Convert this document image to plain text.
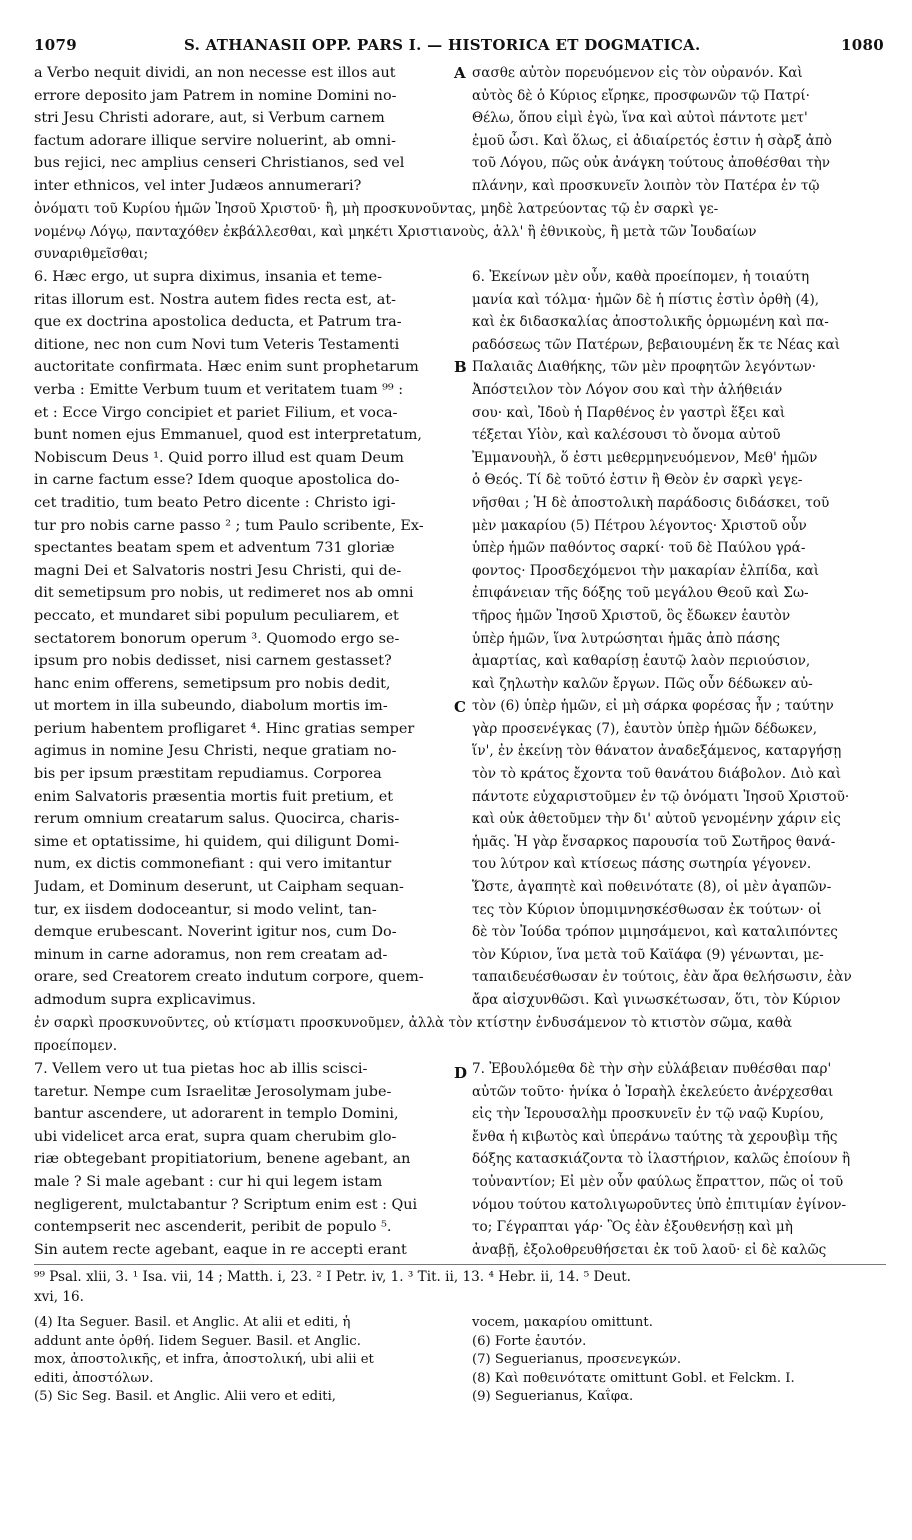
1079	S. ATHANASII OPP. PARS I. — HISTORICA ET DOGMATICA.	1080
a Verbo nequit dividi, an non necesse est illos aut
errore deposito jam Patrem in nomine Domini no-
stri Jesu Christi adorare, aut, si Verbum carnem
factum adorare illique servire noluerint, ab omni-
bus rejici, nec amplius censeri Christianos, sed vel
inter ethnicos, vel inter Judæos annumerari?
σασθε αὐτὸν πορευόμενον εἰς τὸν οὐρανόν. Καὶ
αὐτὸς δὲ ὁ Κύριος εἴρηκε, προσφωνῶν τῷ Πατρί·
Θέλω, ὅπου εἰμὶ ἐγὼ, ἵνα καὶ αὐτοὶ πάντοτε μετ'
ἐμοῦ ὦσι. Καὶ ὅλως, εἰ ἀδιαίρετός ἐστιν ἡ σὰρξ ἀπὸ
τοῦ Λόγου, πῶς οὐκ ἀνάγκη τούτους ἀποθέσθαι τὴν
πλάνην, καὶ προσκυνεῖν λοιπὸν τὸν Πατέρα ἐν τῷ
ὀνόματι τοῦ Κυρίου ἡμῶν Ἰησοῦ Χριστοῦ· ἢ, μὴ προσκυνοῦντας, μηδὲ λατρεύοντας τῷ ἐν σαρκὶ γε-
νομένῳ Λόγῳ, πανταχόθεν ἐκβάλλεσθαι, καὶ μηκέτι Χριστιανοὺς, ἀλλ' ἢ ἐθνικοὺς, ἢ μετὰ τῶν Ἰουδαίων
συναριθμεῖσθαι;
6. Hæc ergo, ut supra diximus, insania et teme-
ritas illorum est. Nostra autem fides recta est, at-
que ex doctrina apostolica deducta, et Patrum tra-
ditione, nec non cum Novi tum Veteris Testamenti
auctoritate confirmata. Hæc enim sunt prophetarum
verba : Emitte Verbum tuum et veritatem tuam ⁹⁹ :
et : Ecce Virgo concipiet et pariet Filium, et voca-
bunt nomen ejus Emmanuel, quod est interpretatum,
Nobiscum Deus ¹. Quid porro illud est quam Deum
in carne factum esse? Idem quoque apostolica do-
cet traditio, tum beato Petro dicente : Christo igi-
tur pro nobis carne passo ² ; tum Paulo scribente, Ex-
spectantes beatam spem et adventum 731 gloriæ
magni Dei et Salvatoris nostri Jesu Christi, qui de-
dit semetipsum pro nobis, ut redimeret nos ab omni
peccato, et mundaret sibi populum peculiarem, et
sectatorem bonorum operum ³. Quomodo ergo se-
ipsum pro nobis dedisset, nisi carnem gestasset?
hanc enim offerens, semetipsum pro nobis dedit,
ut mortem in illa subeundo, diabolum mortis im-
perium habentem profligaret ⁴. Hinc gratias semper
agimus in nomine Jesu Christi, neque gratiam no-
bis per ipsum præstitam repudiamus. Corporea
enim Salvatoris præsentia mortis fuit pretium, et
rerum omnium creatarum salus. Quocirca, charis-
sime et optatissime, hi quidem, qui diligunt Domi-
num, ex dictis commonefiant : qui vero imitantur
Judam, et Dominum deserunt, ut Caipham sequan-
tur, ex iisdem dodoceantur, si modo velint, tan-
demque erubescant. Noverint igitur nos, cum Do-
minum in carne adoramus, non rem creatam ad-
orare, sed Creatorem creato indutum corpore, quem-
admodum supra explicavimus.
6. Ἐκείνων μὲν οὖν, καθὰ προείπομεν, ἡ τοιαύτη
μανία καὶ τόλμα· ἡμῶν δὲ ἡ πίστις ἐστὶν ὀρθὴ (4),
καὶ ἐκ διδασκαλίας ἀποστολικῆς ὁρμωμένη καὶ πα-
ραδόσεως τῶν Πατέρων, βεβαιουμένη ἔκ τε Νέας καὶ
Παλαιᾶς Διαθήκης, τῶν μὲν προφητῶν λεγόντων·
Ἀπόστειλον τὸν Λόγον σου καὶ τὴν ἀλήθειάν
σου· καὶ, Ἰδοὺ ἡ Παρθένος ἐν γαστρὶ ἕξει καὶ
τέξεται Υἱὸν, καὶ καλέσουσι τὸ ὄνομα αὐτοῦ
Ἐμμανουὴλ, ὅ ἐστι μεθερμηνευόμενον, Μεθ' ἡμῶν
ὁ Θεός. Τί δὲ τοῦτό ἐστιν ἢ Θεὸν ἐν σαρκὶ γεγε-
νῆσθαι ; Ἡ δὲ ἀποστολικὴ παράδοσις διδάσκει, τοῦ
μὲν μακαρίου (5) Πέτρου λέγοντος· Χριστοῦ οὖν
ὑπὲρ ἡμῶν παθόντος σαρκί· τοῦ δὲ Παύλου γρά-
φοντος· Προσδεχόμενοι τὴν μακαρίαν ἐλπίδα, καὶ
ἐπιφάνειαν τῆς δόξης τοῦ μεγάλου Θεοῦ καὶ Σω-
τῆρος ἡμῶν Ἰησοῦ Χριστοῦ, ὃς ἔδωκεν ἑαυτὸν
ὑπὲρ ἡμῶν, ἵνα λυτρώσηται ἡμᾶς ἀπὸ πάσης
ἀμαρτίας, καὶ καθαρίσῃ ἑαυτῷ λαὸν περιούσιον,
καὶ ζηλωτὴν καλῶν ἔργων. Πῶς οὖν δέδωκεν αὐ-
τὸν (6) ὑπὲρ ἡμῶν, εἰ μὴ σάρκα φορέσας ἦν ; ταύτην
γὰρ προσενέγκας (7), ἑαυτὸν ὑπὲρ ἡμῶν δέδωκεν,
ἵν', ἐν ἐκείνῃ τὸν θάνατον ἀναδεξάμενος, καταργήσῃ
τὸν τὸ κράτος ἔχοντα τοῦ θανάτου διάβολον. Διὸ καὶ
πάντοτε εὐχαριστοῦμεν ἐν τῷ ὀνόματι Ἰησοῦ Χριστοῦ·
καὶ οὐκ ἀθετοῦμεν τὴν δι' αὐτοῦ γενομένην χάριν εἰς
ἡμᾶς. Ἡ γὰρ ἔνσαρκος παρουσία τοῦ Σωτῆρος θανά-
του λύτρον καὶ κτίσεως πάσης σωτηρία γέγονεν.
Ὥστε, ἀγαπητὲ καὶ ποθεινότατε (8), οἱ μὲν ἀγαπῶν-
τες τὸν Κύριον ὑπομιμνησκέσθωσαν ἐκ τούτων· οἱ
δὲ τὸν Ἰούδα τρόπον μιμησάμενοι, καὶ καταλιπόντες
τὸν Κύριον, ἵνα μετὰ τοῦ Καϊάφα (9) γένωνται, με-
ταπαιδευέσθωσαν ἐν τούτοις, ἐὰν ἄρα θελήσωσιν, ἐὰν
ἄρα αἰσχυνθῶσι. Καὶ γινωσκέτωσαν, ὅτι, τὸν Κύριον
ἐν σαρκὶ προσκυνοῦντες, οὐ κτίσματι προσκυνοῦμεν, ἀλλὰ τὸν κτίστην ἐνδυσάμενον τὸ κτιστὸν σῶμα, καθὰ
προείπομεν.
7. Vellem vero ut tua pietas hoc ab illis scisci-
taretur. Nempe cum Israelitæ Jerosolymam jube-
bantur ascendere, ut adorarent in templo Domini,
ubi videlicet arca erat, supra quam cherubim glo-
riæ obtegebant propitiatorium, benene agebant, an
male ? Si male agebant : cur hi qui legem istam
negligerent, mulctabantur ? Scriptum enim est : Qui
contempserit nec ascenderit, peribit de populo ⁵.
Sin autem recte agebant, eaque in re accepti erant
7. Ἐβουλόμεθα δὲ τὴν σὴν εὐλάβειαν πυθέσθαι παρ'
αὐτῶν τοῦτο· ἡνίκα ὁ Ἰσραὴλ ἐκελεύετο ἀνέρχεσθαι
εἰς τὴν Ἱερουσαλὴμ προσκυνεῖν ἐν τῷ ναῷ Κυρίου,
ἔνθα ἡ κιβωτὸς καὶ ὑπεράνω ταύτης τὰ χερουβὶμ τῆς
δόξης κατασκιάζοντα τὸ ἱλαστήριον, καλῶς ἐποίουν ἢ
τοὐναντίον; Εἰ μὲν οὖν φαύλως ἔπραττον, πῶς οἱ τοῦ
νόμου τούτου κατολιγωροῦντες ὑπὸ ἐπιτιμίαν ἐγίνον-
το; Γέγραπται γάρ· Ὃς ἐὰν ἐξουθενήσῃ καὶ μὴ
ἀναβῇ, ἐξολοθρευθήσεται ἐκ τοῦ λαοῦ· εἰ δὲ καλῶς
A
B
C
D
⁹⁹ Psal. xlii, 3. ¹ Isa. vii, 14 ; Matth. i, 23. ² I Petr. iv, 1. ³ Tit. ii, 13. ⁴ Hebr. ii, 14. ⁵ Deut.
xvi, 16.
(4) Ita Seguer. Basil. et Anglic. At alii et editi, ἡ
addunt ante ὀρθή. Iidem Seguer. Basil. et Anglic.
mox, ἀποστολικῆς, et infra, ἀποστολική, ubi alii et
editi, ἀποστόλων.
(5) Sic Seg. Basil. et Anglic. Alii vero et editi,
vocem, μακαρίου omittunt.
(6) Forte ἑαυτόν.
(7) Seguerianus, προσενεγκών.
(8) Καὶ ποθεινότατε omittunt Gobl. et Felckm. I.
(9) Seguerianus, Καΐφα.
